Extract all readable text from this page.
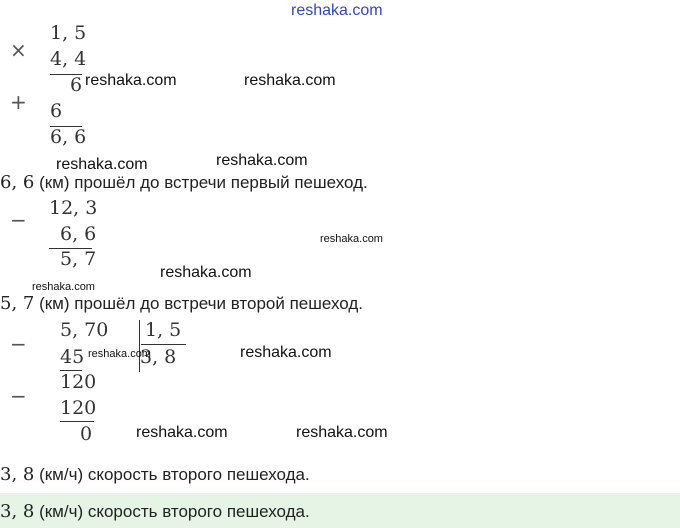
reshaka.com
×
1, 5
4, 4
6
+ 6
6, 6
reshaka.com	reshaka.com
reshaka.com	reshaka.com
6, 6 (км) прошёл до встречи первый пешеход.
− 12, 3
6, 6
5, 7
reshaka.com
reshaka.com
reshaka.com
5, 7 (км) прошёл до встречи второй пешеход.
−
5, 70 1, 5
45	3, 8
120
− 120
0
reshaka.com	reshaka.com
reshaka.com	reshaka.com
3, 8 (км/ч) скорость второго пешехода.
3, 8 (км/ч) скорость второго пешехода.
